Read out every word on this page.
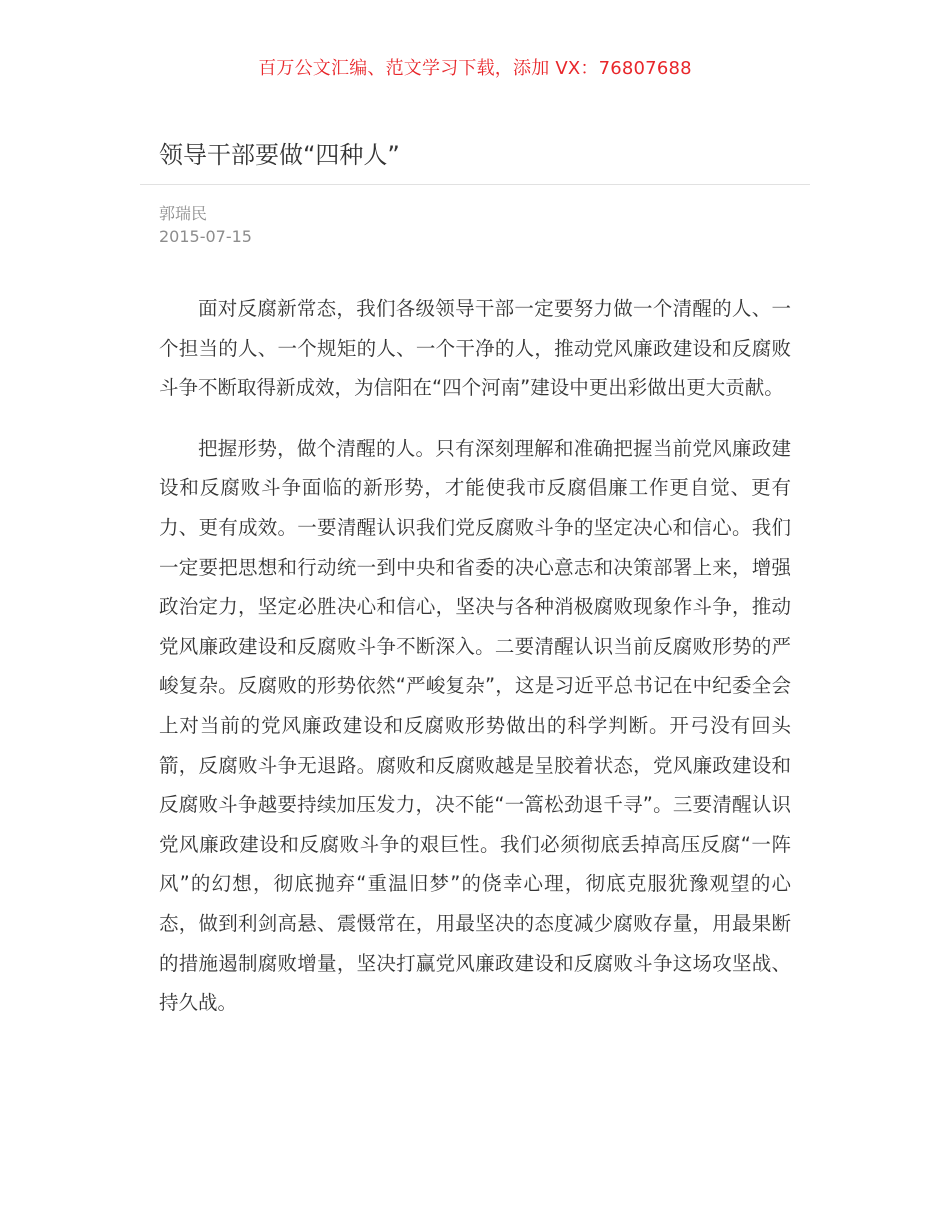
百万公文汇编、范文学习下载，添加 VX：76807688
领导干部要做“四种人”
郭瑞民
2015-07-15

面对反腐新常态，我们各级领导干部一定要努力做一个清醒的人、一个担当的人、一个规矩的人、一个干净的人，推动党风廉政建设和反腐败斗争不断取得新成效，为信阳在“四个河南”建设中更出彩做出更大贡献。

把握形势，做个清醒的人。只有深刻理解和准确把握当前党风廉政建设和反腐败斗争面临的新形势，才能使我市反腐倡廉工作更自觉、更有力、更有成效。一要清醒认识我们党反腐败斗争的坚定决心和信心。我们一定要把思想和行动统一到中央和省委的决心意志和决策部署上来，增强政治定力，坚定必胜决心和信心，坚决与各种消极腐败现象作斗争，推动党风廉政建设和反腐败斗争不断深入。二要清醒认识当前反腐败形势的严峻复杂。反腐败的形势依然“严峻复杂”，这是习近平总书记在中纪委全会上对当前的党风廉政建设和反腐败形势做出的科学判断。开弓没有回头箭，反腐败斗争无退路。腐败和反腐败越是呈胶着状态，党风廉政建设和反腐败斗争越要持续加压发力，决不能“一篙松劲退千寻”。三要清醒认识党风廉政建设和反腐败斗争的艰巨性。我们必须彻底丢掉高压反腐“一阵风”的幻想，彻底抛弃“重温旧梦”的侥幸心理，彻底克服犹豫观望的心态，做到利剑高悬、震慑常在，用最坚决的态度减少腐败存量，用最果断的措施遏制腐败增量，坚决打赢党风廉政建设和反腐败斗争这场攻坚战、持久战。
